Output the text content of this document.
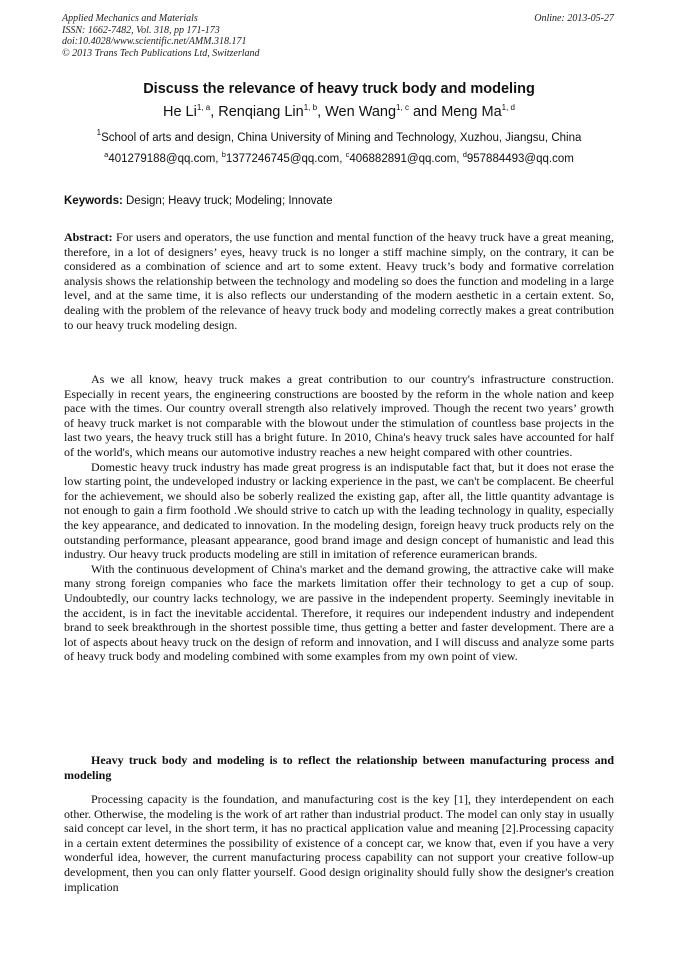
Applied Mechanics and Materials
ISSN: 1662-7482, Vol. 318, pp 171-173
doi:10.4028/www.scientific.net/AMM.318.171
© 2013 Trans Tech Publications Ltd, Switzerland
Online: 2013-05-27
Discuss the relevance of heavy truck body and modeling
He Li$^{1, a}$, Renqiang Lin$^{1, b}$, Wen Wang$^{1, c}$ and Meng Ma$^{1, d}$
$^1$School of arts and design, China University of Mining and Technology, Xuzhou, Jiangsu, China
$^a$401279188@qq.com, $^b$1377246745@qq.com, $^c$406882891@qq.com, $^d$957884493@qq.com
Keywords: Design; Heavy truck; Modeling; Innovate

Abstract: For users and operators, the use function and mental function of the heavy truck have a great meaning, therefore, in a lot of designers’ eyes, heavy truck is no longer a stiff machine simply, on the contrary, it can be considered as a combination of science and art to some extent. Heavy truck’s body and formative correlation analysis shows the relationship between the technology and modeling so does the function and modeling in a large level, and at the same time, it is also reflects our understanding of the modern aesthetic in a certain extent. So, dealing with the problem of the relevance of heavy truck body and modeling correctly makes a great contribution to our heavy truck modeling design.

As we all know, heavy truck makes a great contribution to our country's infrastructure construction. Especially in recent years, the engineering constructions are boosted by the reform in the whole nation and keep pace with the times. Our country overall strength also relatively improved. Though the recent two years’ growth of heavy truck market is not comparable with the blowout under the stimulation of countless base projects in the last two years, the heavy truck still has a bright future. In 2010, China's heavy truck sales have accounted for half of the world's, which means our automotive industry reaches a new height compared with other countries.

Domestic heavy truck industry has made great progress is an indisputable fact that, but it does not erase the low starting point, the undeveloped industry or lacking experience in the past, we can't be complacent. Be cheerful for the achievement, we should also be soberly realized the existing gap, after all, the little quantity advantage is not enough to gain a firm foothold .We should strive to catch up with the leading technology in quality, especially the key appearance, and dedicated to innovation. In the modeling design, foreign heavy truck products rely on the outstanding performance, pleasant appearance, good brand image and design concept of humanistic and lead this industry. Our heavy truck products modeling are still in imitation of reference euramerican brands.

With the continuous development of China's market and the demand growing, the attractive cake will make many strong foreign companies who face the markets limitation offer their technology to get a cup of soup. Undoubtedly, our country lacks technology, we are passive in the independent property. Seemingly inevitable in the accident, is in fact the inevitable accidental. Therefore, it requires our independent industry and independent brand to seek breakthrough in the shortest possible time, thus getting a better and faster development. There are a lot of aspects about heavy truck on the design of reform and innovation, and I will discuss and analyze some parts of heavy truck body and modeling combined with some examples from my own point of view.

Heavy truck body and modeling is to reflect the relationship between manufacturing process and modeling

Processing capacity is the foundation, and manufacturing cost is the key [1], they interdependent on each other. Otherwise, the modeling is the work of art rather than industrial product. The model can only stay in usually said concept car level, in the short term, it has no practical application value and meaning [2].Processing capacity in a certain extent determines the possibility of existence of a concept car, we know that, even if you have a very wonderful idea, however, the current manufacturing process capability can not support your creative follow-up development, then you can only flatter yourself. Good design originality should fully show the designer's creation implication
